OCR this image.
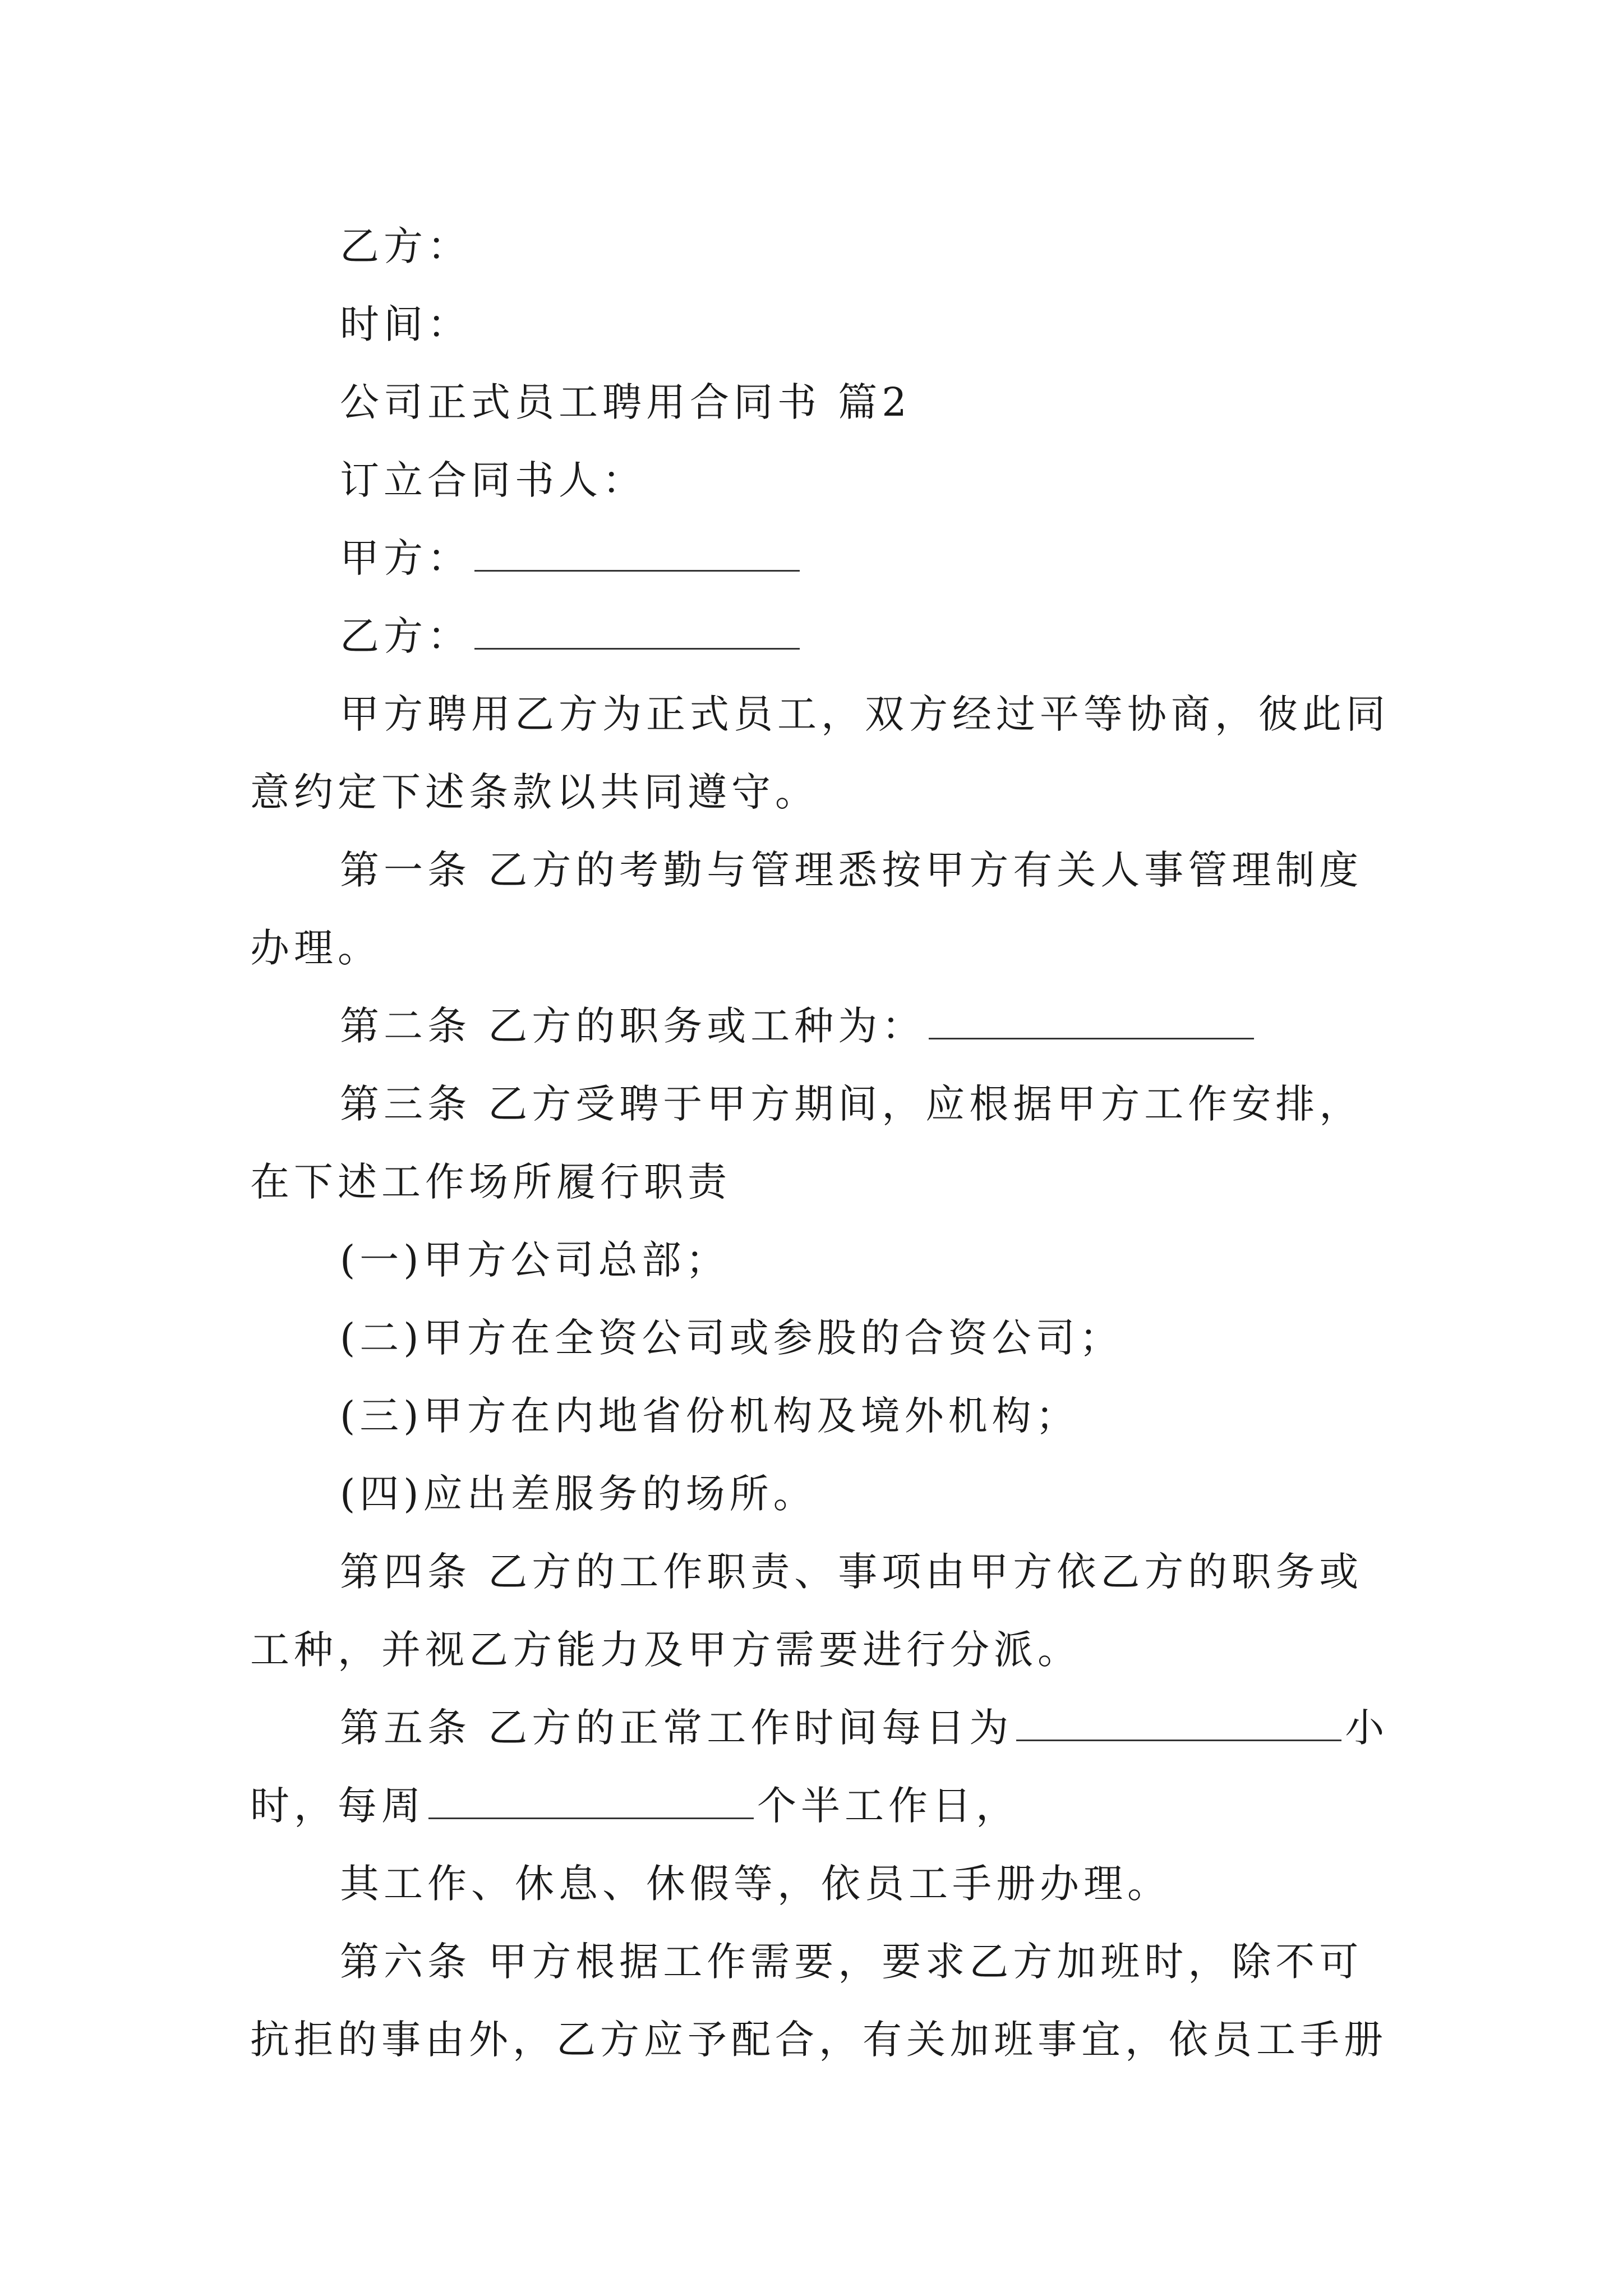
乙方：
时间：
公司正式员工聘用合同书 篇2
订立合同书人：
甲方：
乙方：
甲方聘用乙方为正式员工，双方经过平等协商，彼此同
意约定下述条款以共同遵守。
第一条 乙方的考勤与管理悉按甲方有关人事管理制度
办理。
第二条 乙方的职务或工种为：
第三条 乙方受聘于甲方期间，应根据甲方工作安排，
在下述工作场所履行职责
(一)甲方公司总部；
(二)甲方在全资公司或参股的合资公司；
(三)甲方在内地省份机构及境外机构；
(四)应出差服务的场所。
第四条 乙方的工作职责、事项由甲方依乙方的职务或
工种，并视乙方能力及甲方需要进行分派。
第五条 乙方的正常工作时间每日为	小
时，每周	个半工作日，
其工作、休息、休假等，依员工手册办理。
第六条 甲方根据工作需要，要求乙方加班时，除不可
抗拒的事由外，乙方应予配合，有关加班事宜，依员工手册
